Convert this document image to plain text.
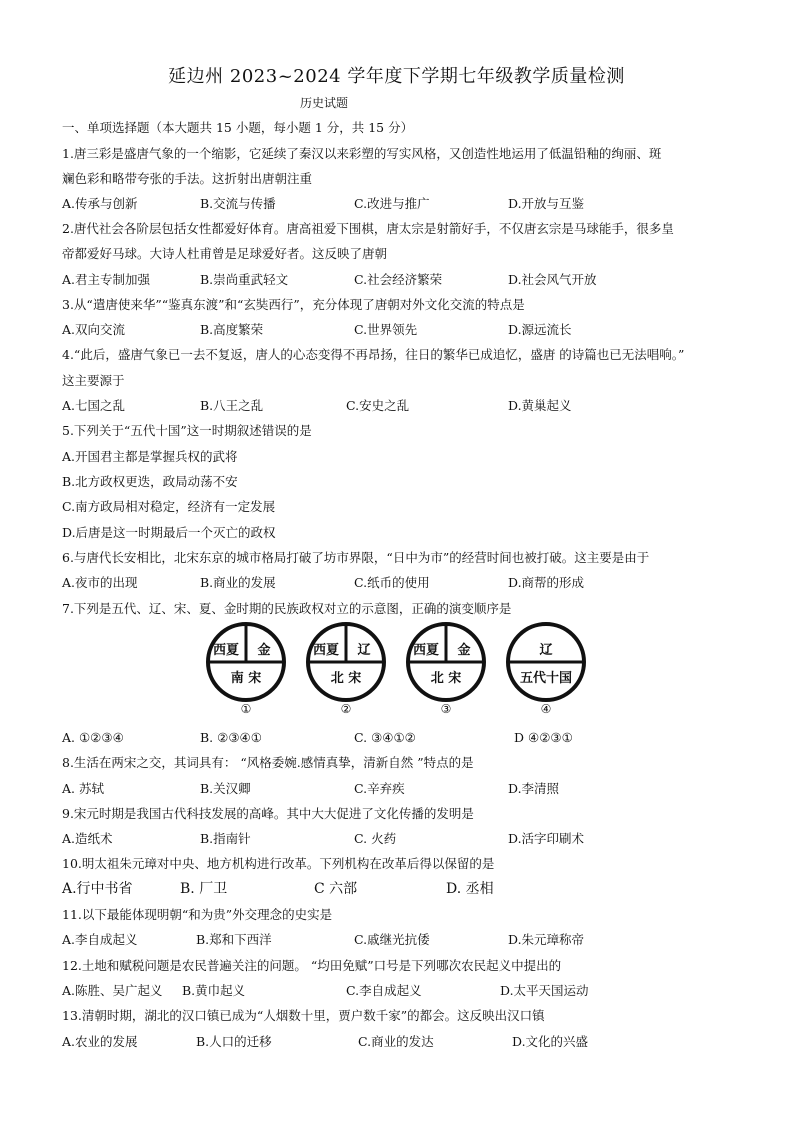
延边州 2023~2024 学年度下学期七年级教学质量检测
历史试题
一、单项选择题（本大题共 15 小题，每小题 1 分，共 15 分）
1.唐三彩是盛唐气象的一个缩影，它延续了秦汉以来彩塑的写实风格，又创造性地运用了低温铅釉的绚丽、斑
斓色彩和略带夸张的手法。这折射出唐朝注重
A.传承与创新	B.交流与传播	C.改进与推广	D.开放与互鉴
2.唐代社会各阶层包括女性都爱好体育。唐高祖爱下围棋，唐太宗是射箭好手，不仅唐玄宗是马球能手，很多皇
帝都爱好马球。大诗人杜甫曾是足球爱好者。这反映了唐朝
A.君主专制加强	B.崇尚重武轻文	C.社会经济繁荣	D.社会风气开放
3.从“遣唐使来华”“鉴真东渡”和“玄奘西行”，充分体现了唐朝对外文化交流的特点是
A.双向交流	B.高度繁荣	C.世界领先	D.源远流长
4.“此后，盛唐气象已一去不复返，唐人的心态变得不再昂扬，往日的繁华已成追忆，盛唐 的诗篇也已无法唱响。”
这主要源于
A.七国之乱	B.八王之乱	C.安史之乱	D.黄巢起义
5.下列关于“五代十国”这一时期叙述错误的是
A.开国君主都是掌握兵权的武将
B.北方政权更迭，政局动荡不安
C.南方政局相对稳定，经济有一定发展
D.后唐是这一时期最后一个灭亡的政权
6.与唐代长安相比，北宋东京的城市格局打破了坊市界限，“日中为市”的经营时间也被打破。这主要是由于
A.夜市的出现	B.商业的发展	C.纸币的使用	D.商帮的形成
7.下列是五代、辽、宋、夏、金时期的民族政权对立的示意图，正确的演变顺序是
西夏 金
南 宋
①
西夏 辽
北 宋
②
西夏 金
北 宋
③
辽
五代十国
④
A. ①②③④	B. ②③④①	C. ③④①②	D ④②③①
8.生活在两宋之交，其词具有： “风格委婉.感情真挚，清新自然 ”特点的是
A. 苏轼	B.关汉卿	C.辛弃疾	D.李清照
9.宋元时期是我国古代科技发展的高峰。其中大大促进了文化传播的发明是
A.造纸术	B.指南针	C. 火药	D.活字印刷术
10.明太祖朱元璋对中央、地方机构进行改革。下列机构在改革后得以保留的是
A.行中书省	B. 厂卫	C 六部	D. 丞相
11.以下最能体现明朝“和为贵”外交理念的史实是
A.李自成起义	B.郑和下西洋	C.戚继光抗倭	D.朱元璋称帝
12.土地和赋税问题是农民普遍关注的问题。 “均田免赋”口号是下列哪次农民起义中提出的
A.陈胜、吴广起义 B.黄巾起义	C.李自成起义	D.太平天国运动
13.清朝时期，湖北的汉口镇已成为“人烟数十里，贾户数千家”的都会。这反映出汉口镇
A.农业的发展	B.人口的迁移	C.商业的发达	D.文化的兴盛
